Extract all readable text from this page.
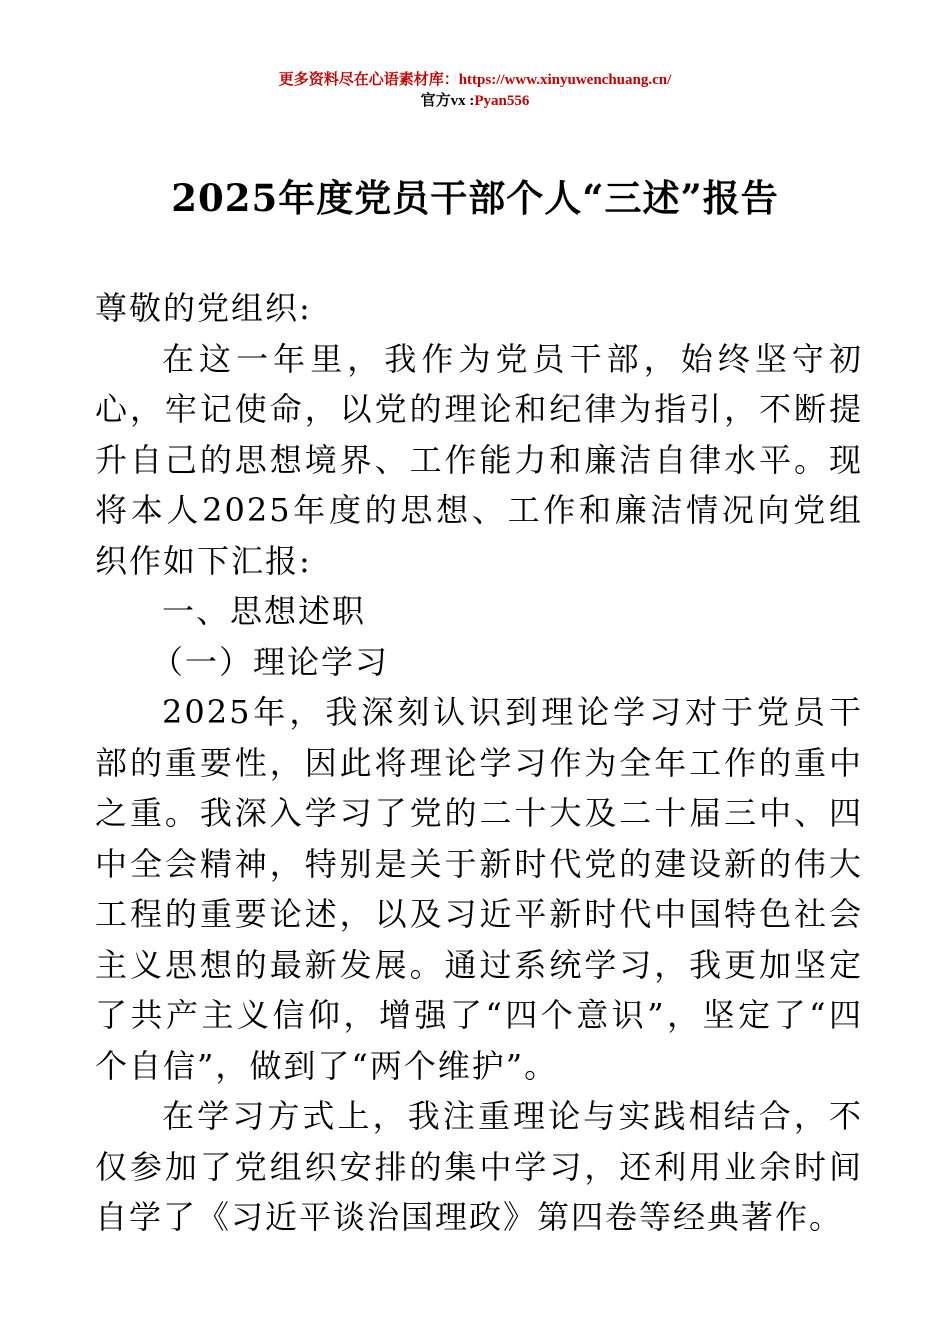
更多资料尽在心语素材库：https://www.xinyuwenchuang.cn/
官方vx :Pyan556
2025年度党员干部个人“三述”报告

尊敬的党组织:

在这一年里，我作为党员干部，始终坚守初心，牢记使命，以党的理论和纪律为指引，不断提升自己的思想境界、工作能力和廉洁自律水平。现将本人2025年度的思想、工作和廉洁情况向党组织作如下汇报:

一、思想述职

（一）理论学习

2025年，我深刻认识到理论学习对于党员干部的重要性，因此将理论学习作为全年工作的重中之重。我深入学习了党的二十大及二十届三中、四中全会精神，特别是关于新时代党的建设新的伟大工程的重要论述，以及习近平新时代中国特色社会主义思想的最新发展。通过系统学习，我更加坚定了共产主义信仰，增强了“四个意识”，坚定了“四个自信”，做到了“两个维护”。

在学习方式上，我注重理论与实践相结合，不仅参加了党组织安排的集中学习，还利用业余时间自学了《习近平谈治国理政》第四卷等经典著作。
